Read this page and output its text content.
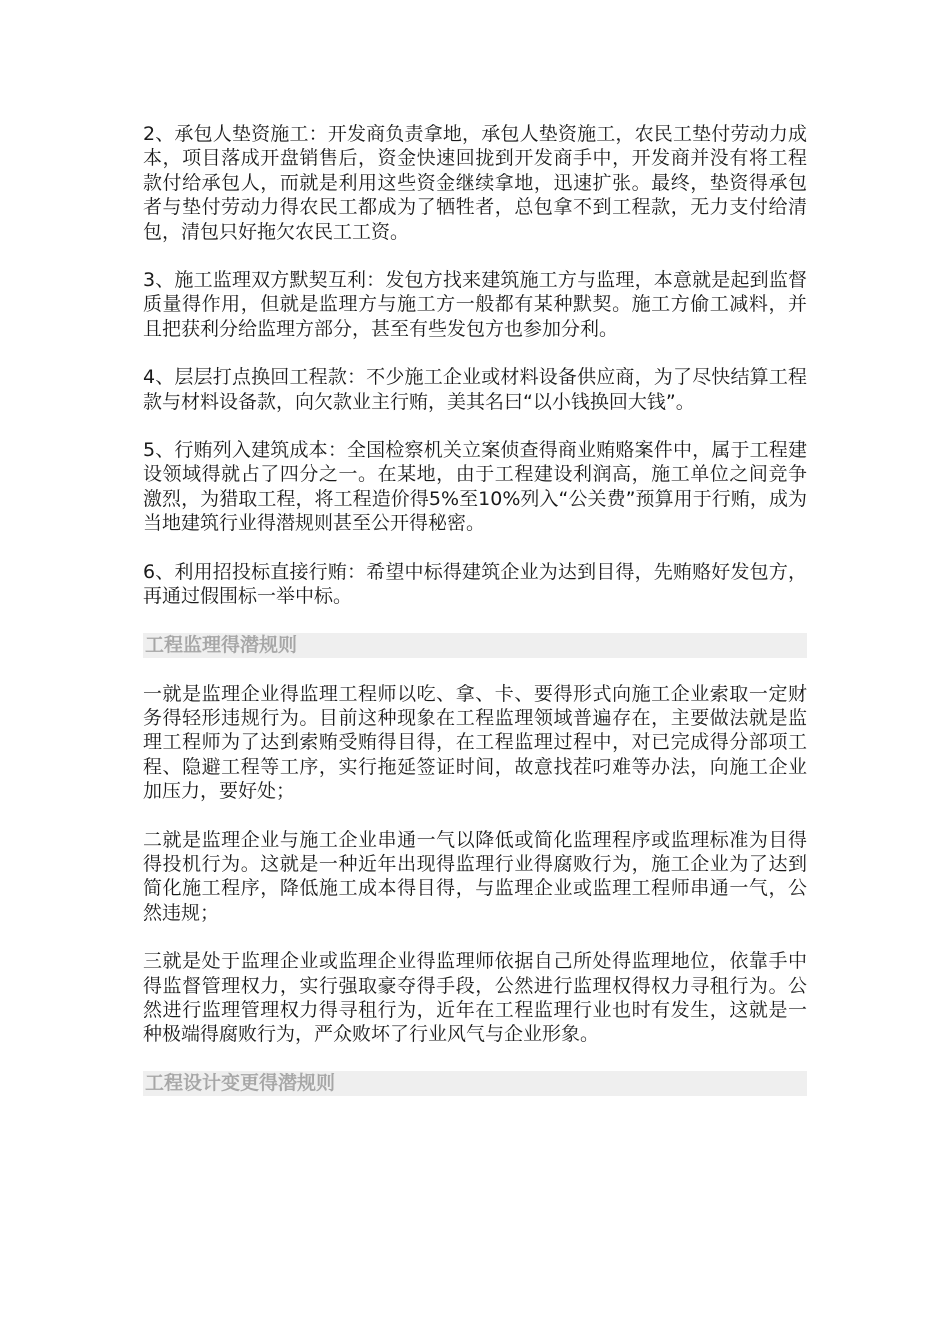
2、承包人垫资施工：开发商负责拿地，承包人垫资施工，农民工垫付劳动力成本，项目落成开盘销售后，资金快速回拢到开发商手中，开发商并没有将工程款付给承包人，而就是利用这些资金继续拿地，迅速扩张。最终，垫资得承包者与垫付劳动力得农民工都成为了牺牲者，总包拿不到工程款，无力支付给清包，清包只好拖欠农民工工资。

3、施工监理双方默契互利：发包方找来建筑施工方与监理，本意就是起到监督质量得作用，但就是监理方与施工方一般都有某种默契。施工方偷工减料，并且把获利分给监理方部分，甚至有些发包方也参加分利。

4、层层打点换回工程款：不少施工企业或材料设备供应商，为了尽快结算工程款与材料设备款，向欠款业主行贿，美其名曰“以小钱换回大钱”。

5、行贿列入建筑成本：全国检察机关立案侦查得商业贿赂案件中，属于工程建设领域得就占了四分之一。在某地，由于工程建设利润高，施工单位之间竞争激烈，为猎取工程，将工程造价得5%至10%列入“公关费”预算用于行贿，成为当地建筑行业得潜规则甚至公开得秘密。

6、利用招投标直接行贿：希望中标得建筑企业为达到目得，先贿赂好发包方，再通过假围标一举中标。

工程监理得潜规则

一就是监理企业得监理工程师以吃、拿、卡、要得形式向施工企业索取一定财务得轻形违规行为。目前这种现象在工程监理领域普遍存在，主要做法就是监理工程师为了达到索贿受贿得目得，在工程监理过程中，对已完成得分部项工程、隐避工程等工序，实行拖延签证时间，故意找茬叼难等办法，向施工企业加压力，要好处；

二就是监理企业与施工企业串通一气以降低或简化监理程序或监理标准为目得得投机行为。这就是一种近年出现得监理行业得腐败行为，施工企业为了达到简化施工程序，降低施工成本得目得，与监理企业或监理工程师串通一气，公然违规；

三就是处于监理企业或监理企业得监理师依据自己所处得监理地位，依靠手中得监督管理权力，实行强取豪夺得手段，公然进行监理权得权力寻租行为。公然进行监理管理权力得寻租行为，近年在工程监理行业也时有发生，这就是一种极端得腐败行为，严众败坏了行业风气与企业形象。

工程设计变更得潜规则
